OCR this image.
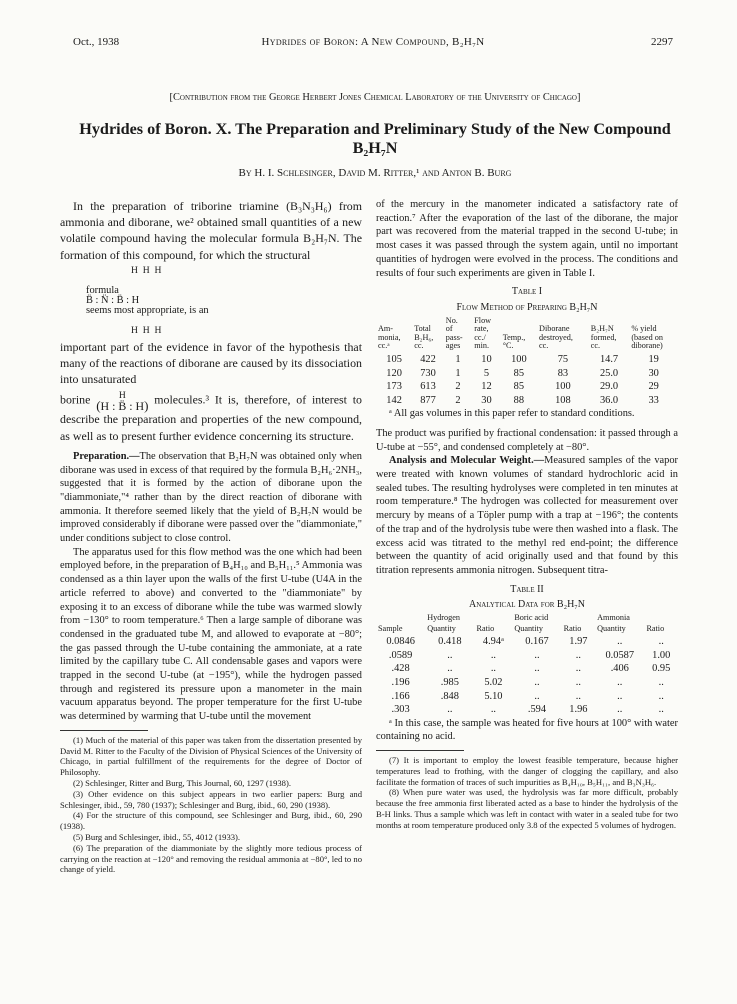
Oct., 1938	Hydrides of Boron: A New Compound, B₂H₇N	2297
[Contribution from the George Herbert Jones Chemical Laboratory of the University of Chicago]
Hydrides of Boron. X. The Preparation and Preliminary Study of the New Compound B₂H₇N
By H. I. Schlesinger, David M. Ritter,¹ and Anton B. Burg

In the preparation of triborine triamine (B₃N₃H₆) from ammonia and diborane, we² obtained small quantities of a new volatile compound having the molecular formula B₂H₇N. The formation of this compound, for which the structural

H  H  H

formula
B̈ : N̈ : B̈ : H
seems most appropriate, is an

H  H  H

important part of the evidence in favor of the hypothesis that many of the reactions of diborane are caused by its dissociation into unsaturated

borine	H
(H : B̈ : H) molecules.³ It is, therefore, of interest to describe the preparation and properties of the new compound, as well as to present further evidence concerning its structure.

Preparation.—The observation that B₂H₇N was obtained only when diborane was used in excess of that required by the formula B₂H₆·2NH₃, suggested that it is formed by the action of diborane upon the "diammoniate,"⁴ rather than by the direct reaction of diborane with ammonia. It therefore seemed likely that the yield of B₂H₇N would be improved considerably if diborane were passed over the "diammoniate," under conditions subject to close control.

The apparatus used for this flow method was the one which had been employed before, in the preparation of B₄H₁₀ and B₅H₁₁.⁵ Ammonia was condensed as a thin layer upon the walls of the first U-tube (U4A in the article referred to above) and converted to the "diammoniate" by exposing it to an excess of diborane while the tube was warmed slowly from −130° to room temperature.⁶ Then a large sample of diborane was condensed in the graduated tube M, and allowed to evaporate at −80°; the gas passed through the U-tube containing the ammoniate, at a rate limited by the capillary tube C. All condensable gases and vapors were trapped in the second U-tube (at −195°), while the hydrogen passed through and registered its pressure upon a manometer in the main vacuum apparatus beyond. The proper temperature for the first U-tube was determined by warming that U-tube until the movement

(1) Much of the material of this paper was taken from the dissertation presented by David M. Ritter to the Faculty of the Division of Physical Sciences of the University of Chicago, in partial fulfillment of the requirements for the degree of Doctor of Philosophy.

(2) Schlesinger, Ritter and Burg, This Journal, 60, 1297 (1938).

(3) Other evidence on this subject appears in two earlier papers: Burg and Schlesinger, ibid., 59, 780 (1937); Schlesinger and Burg, ibid., 60, 290 (1938).

(4) For the structure of this compound, see Schlesinger and Burg, ibid., 60, 290 (1938).

(5) Burg and Schlesinger, ibid., 55, 4012 (1933).

(6) The preparation of the diammoniate by the slightly more tedious process of carrying on the reaction at −120° and removing the residual ammonia at −80°, led to no change of yield.

of the mercury in the manometer indicated a satisfactory rate of reaction.⁷ After the evaporation of the last of the diborane, the major part was recovered from the material trapped in the second U-tube; in most cases it was passed through the system again, until no important quantities of hydrogen were evolved in the process. The conditions and results of four such experiments are given in Table I.

Table I
Flow Method of Preparing B₂H₇N
Am-
monia,
cc.ᵃ	Total
B₂H₆,
cc.	No.
of
pass-
ages	Flow
rate,
cc./
min.	Temp.,
°C.	Diborane
destroyed,
cc.	B₂H₇N
formed,
cc.	% yield
(based on
diborane)
105	422	1	10	100	75	14.7	19
120	730	1	5	85	83	25.0	30
173	613	2	12	85	100	29.0	29
142	877	2	30	88	108	36.0	33

ᵃ All gas volumes in this paper refer to standard conditions.

The product was purified by fractional condensation: it passed through a U-tube at −55°, and condensed completely at −80°.

Analysis and Molecular Weight.—Measured samples of the vapor were treated with known volumes of standard hydrochloric acid in sealed tubes. The resulting hydrolyses were completed in ten minutes at room temperature.⁸ The hydrogen was collected for measurement over mercury by means of a Töpler pump with a trap at −196°; the contents of the trap and of the hydrolysis tube were then washed into a flask. The excess acid was titrated to the methyl red end-point; the difference between the quantity of acid originally used and that found by this titration represents ammonia nitrogen. Subsequent titra-

Table II
Analytical Data for B₂H₇N
	Hydrogen		Boric acid		Ammonia	
Sample	Quantity	Ratio	Quantity	Ratio	Quantity	Ratio
0.0846	0.418	4.94ᵃ	0.167	1.97	..	..
.0589	..	..	..	..	0.0587	1.00
.428	..	..	..	..	.406	0.95
.196	.985	5.02	..	..	..	..
.166	.848	5.10	..	..	..	..
.303	..	..	.594	1.96	..	..

ᵃ In this case, the sample was heated for five hours at 100° with water containing no acid.

(7) It is important to employ the lowest feasible temperature, because higher temperatures lead to frothing, with the danger of clogging the capillary, and also facilitate the formation of traces of such impurities as B₄H₁₀, B₅H₁₁, and B₃N₃H₆.

(8) When pure water was used, the hydrolysis was far more difficult, probably because the free ammonia first liberated acted as a base to hinder the hydrolysis of the B-H links. Thus a sample which was left in contact with water in a sealed tube for two months at room temperature produced only 3.8 of the expected 5 volumes of hydrogen.
